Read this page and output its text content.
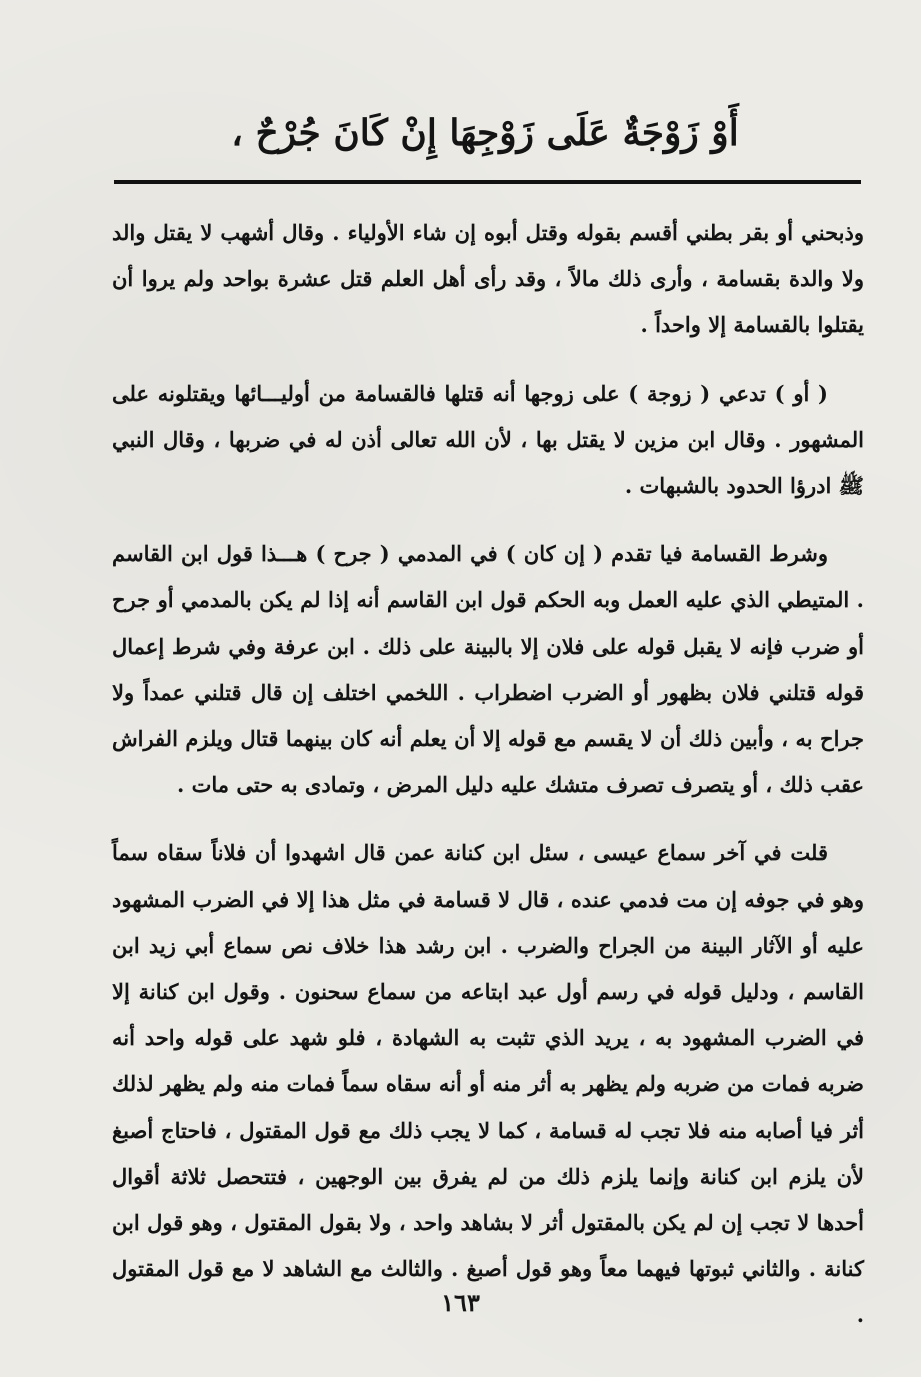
أَوْ زَوْجَةٌ عَلَى زَوْجِهَا إِنْ كَانَ جُرْحٌ ،

وذبحني أو بقر بطني أقسم بقوله وقتل أبوه إن شاء الأولياء . وقال أشهب لا يقتل والد ولا والدة بقسامة ، وأرى ذلك مالاً ، وقد رأى أهل العلم قتل عشرة بواحد ولم يروا أن يقتلوا بالقسامة إلا واحداً .

( أو ) تدعي ( زوجة ) على زوجها أنه قتلها فالقسامة من أوليـــائها ويقتلونه على المشهور . وقال ابن مزين لا يقتل بها ، لأن الله تعالى أذن له في ضربها ، وقال النبي ﷺ ادرؤا الحدود بالشبهات .

وشرط القسامة فيا تقدم ( إن كان ) في المدمي ( جرح ) هـــذا قول ابن القاسم . المتيطي الذي عليه العمل وبه الحكم قول ابن القاسم أنه إذا لم يكن بالمدمي أو جرح أو ضرب فإنه لا يقبل قوله على فلان إلا بالبينة على ذلك . ابن عرفة وفي شرط إعمال قوله قتلني فلان بظهور أو الضرب اضطراب . اللخمي اختلف إن قال قتلني عمداً ولا جراح به ، وأبين ذلك أن لا يقسم مع قوله إلا أن يعلم أنه كان بينهما قتال ويلزم الفراش عقب ذلك ، أو يتصرف تصرف متشك عليه دليل المرض ، وتمادى به حتى مات .

قلت في آخر سماع عيسى ، سئل ابن كنانة عمن قال اشهدوا أن فلاناً سقاه سماً وهو في جوفه إن مت فدمي عنده ، قال لا قسامة في مثل هذا إلا في الضرب المشهود عليه أو الآثار البينة من الجراح والضرب . ابن رشد هذا خلاف نص سماع أبي زيد ابن القاسم ، ودليل قوله في رسم أول عبد ابتاعه من سماع سحنون . وقول ابن كنانة إلا في الضرب المشهود به ، يريد الذي تثبت به الشهادة ، فلو شهد على قوله واحد أنه ضربه فمات من ضربه ولم يظهر به أثر منه أو أنه سقاه سماً فمات منه ولم يظهر لذلك أثر فيا أصابه منه فلا تجب له قسامة ، كما لا يجب ذلك مع قول المقتول ، فاحتاج أصبغ لأن يلزم ابن كنانة وإنما يلزم ذلك من لم يفرق بين الوجهين ، فتتحصل ثلاثة أقوال أحدها لا تجب إن لم يكن بالمقتول أثر لا بشاهد واحد ، ولا بقول المقتول ، وهو قول ابن كنانة . والثاني ثبوتها فيهما معاً وهو قول أصبغ . والثالث مع الشاهد لا مع قول المقتول .

١٦٣
